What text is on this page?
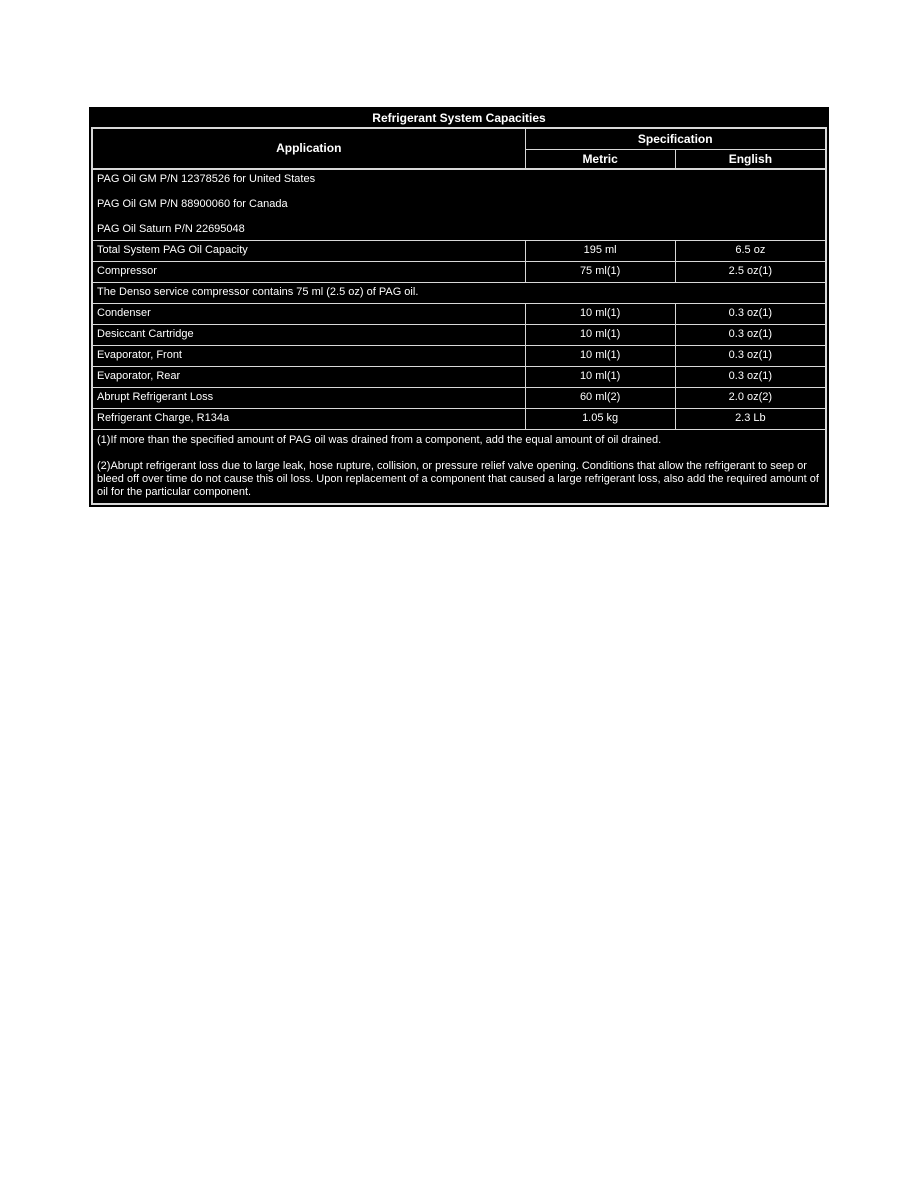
Refrigerant System Capacities		
Application	Specification	
	Metric	English

PAG Oil GM P/N 12378526 for United States

PAG Oil GM P/N 88900060 for Canada

PAG Oil Saturn P/N 22695048		

Total System PAG Oil Capacity	195 ml	6.5 oz
Compressor	75 ml(1)	2.5 oz(1)
The Denso service compressor contains 75 ml (2.5 oz) of PAG oil.		
Condenser	10 ml(1)	0.3 oz(1)
Desiccant Cartridge	10 ml(1)	0.3 oz(1)
Evaporator, Front	10 ml(1)	0.3 oz(1)
Evaporator, Rear	10 ml(1)	0.3 oz(1)
Abrupt Refrigerant Loss	60 ml(2)	2.0 oz(2)
Refrigerant Charge, R134a	1.05 kg	2.3 Lb

(1)If more than the specified amount of PAG oil was drained from a component, add the equal amount of oil drained.

(2)Abrupt refrigerant loss due to large leak, hose rupture, collision, or pressure relief valve opening. Conditions that allow the refrigerant to seep or bleed off over time do not cause this oil loss. Upon replacement of a component that caused a large refrigerant loss, also add the required amount of oil for the particular component.		
